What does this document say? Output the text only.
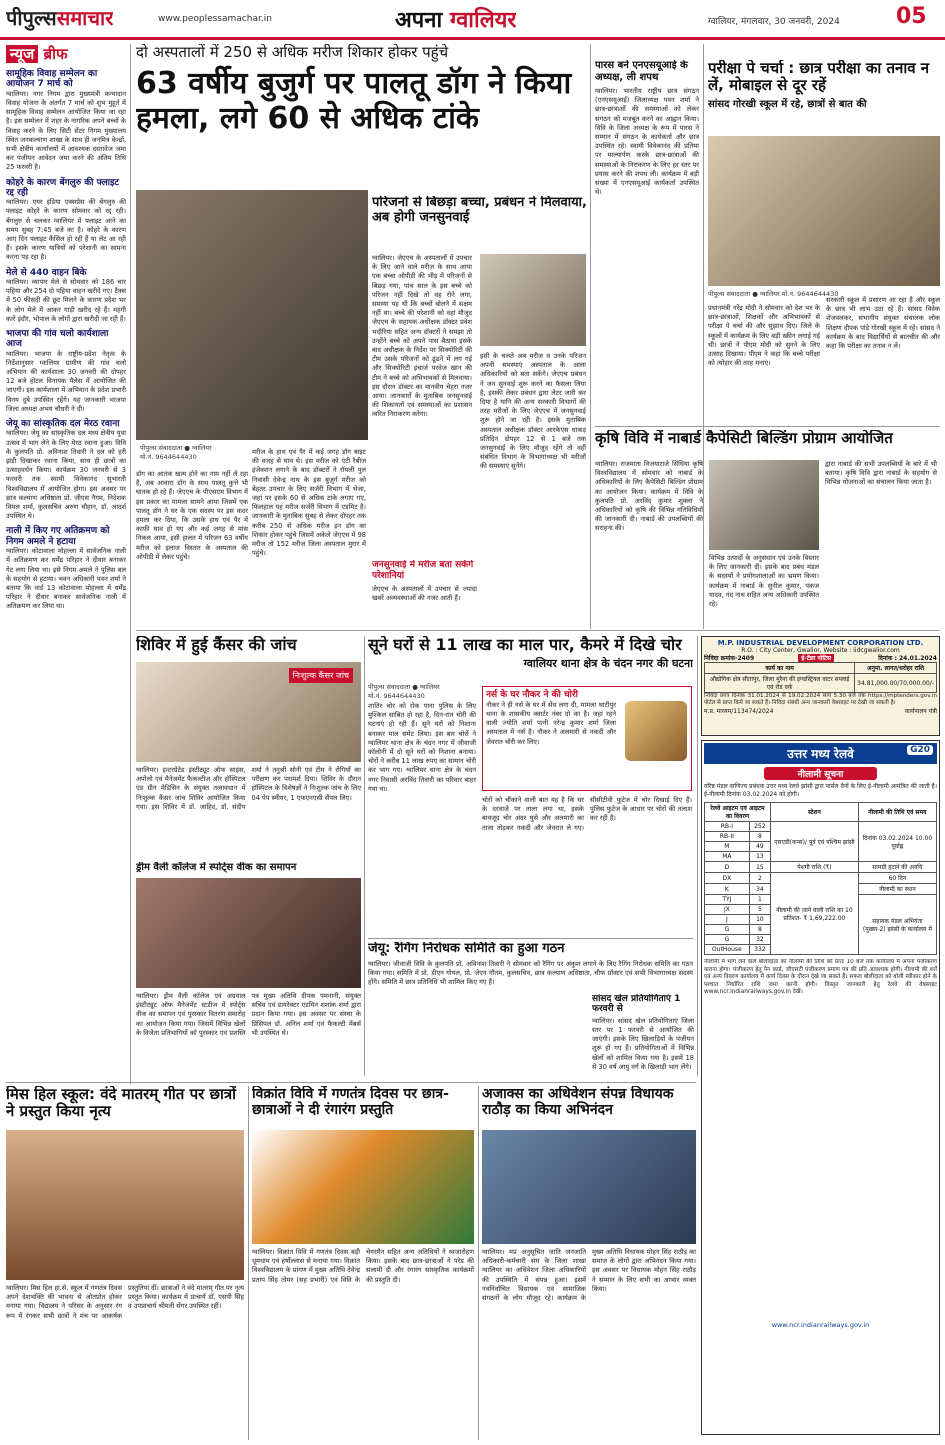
पीपुल्ससमाचार	www.peoplessamachar.in	अपना ग्वालियर	ग्वालियर, मंगलवार, 30 जनवरी, 2024	05
न्यूज ब्रीफ
सामूहिक विवाह सम्मेलन का आयोजन 7 मार्च को
ग्वालियर। नगर निगम द्वारा मुख्यमंत्री कन्यादान विवाह योजना के अंतर्गत 7 मार्च को शुभ मुहूर्त में सामूहिक विवाह सम्मेलन आयोजित किया जा रहा है। इस सम्मेलन में शहर के नागरिक अपने बच्चों के विवाह करने के लिए सिटी सेंटर निगम मुख्यालय स्थित जनकल्याण शाखा के साथ ही जनमित्र केन्द्रों, सभी क्षेत्रीय कार्यालयों में आवश्यक दस्तावेज जमा कर पंजीयन आवेदन जमा करने की अंतिम तिथि 25 फरवरी है।
कोहरे के कारण बेंगलुरु की फ्लाइट रद्द रही
ग्वालियर। एयर इंडिया एक्सप्रेस की बेंगलुरु की फ्लाइट कोहरे के कारण सोमवार को रद्द रही। बेंगलुरु से चलकर ग्वालियर में फ्लाइट आने का समय सुबह 7:45 बजे का है। कोहरे के कारण आए दिन फ्लाइट कैंसिल हो रही हैं या लेट आ रही हैं। इसके कारण यात्रियों को परेशानी का सामना करना पड़ रहा है।
मेले से 440 वाहन बिके
ग्वालियर। व्यापार मेले से सोमवार को 186 चार पहिया और 254 दो पहिया वाहन खरीदे गए। टैक्स में 50 फीसदी की छूट मिलने के कारण प्रदेश भर के लोग मेले में आकर गाड़ी खरीद रहे हैं। महंगी कारें इंदौर, भोपाल के लोगों द्वारा खरीदी जा रही हैं।
भाजपा की गांव चलो कार्यशाला आज
ग्वालियर। भाजपा के राष्ट्रीय-प्रदेश नेतृत्व के निर्देशानुसार ग्वालियर ग्रामीण की गांव चलो अभियान की कार्यशाला 30 जनवरी की दोपहर 12 बजे होटल विनायक पैलेस में आयोजित की जाएगी। इस कार्यशाला में अभियान के प्रदेश प्रभारी विनय दुबे उपस्थित रहेंगे। यह जानकारी भाजपा जिला अध्यक्ष अभय चौधरी ने दी।
जेयू का सांस्कृतिक दल मेरठ रवाना
ग्वालियर। जेयू का सांस्कृतिक दल मध्य क्षेत्रीय युवा उत्सव में भाग लेने के लिए मेरठ रवाना हुआ। विवि के कुलपति प्रो. अविनाश तिवारी ने दल को हरी झंडी दिखाकर रवाना किया, साथ ही छात्रों का उत्साहवर्धन किया। कार्यक्रम 30 जनवरी से 3 फरवरी तक स्वामी विवेकानंद सुभारती विश्वविद्यालय में आयोजित होगा। इस अवसर पर छात्र कल्याण अधिष्ठाता प्रो. जीएस नैगम, निदेशक विमल शर्मा, कुलसचिव अरुण चौहान, डॉ. आदर्श उपस्थित थे।
नाली में किए गए अतिक्रमण को निगम अमले ने हटाया
ग्वालियर। कोटावाला मोहल्ला में सार्वजनिक नाली में अतिक्रमण कर धर्मेंद्र परिहार ने दीवार बनाकर गेट लगा लिया था। इसे निगम अमले ने पुलिस बल के सहयोग से हटाया। भवन अधिकारी पवन शर्मा ने बताया कि वार्ड 13 कोटावाला मोहल्ला में धर्मेंद्र परिहार ने दीवार बनाकर सार्वजनिक नाली में अतिक्रमण कर लिया था।
दो अस्पतालों में 250 से अधिक मरीज शिकार होकर पहुंचे
63 वर्षीय बुजुर्ग पर पालतू डॉग ने किया हमला, लगे 60 से अधिक टांके
पीपुल्स संवाददाता ● ग्वालियर
मो.नं. 9644644430
डॉग का आतंक खत्म होने का नाम नहीं ले रहा है, अब आवारा डॉग के साथ पालतू कुत्ते भी घातक हो रहे हैं। जेएएच के पीएसएम विभाग में इस प्रकार का मामला सामने आया जिसमें एक पालतू डॉग ने घर के एक सदस्य पर इस कदर हमला कर दिया, कि उसके हाथ एवं पैर में काफी घाव हो गए और कई जगह से मांस निकल आया, इसी हालत में परिजन 63 वर्षीय मरीज को इलाज विस्तार के अस्पताल की ओपीडी में लेकर पहुंचे।
मरीज के हाथ एवं पैर में कई जगह डॉग बाइट की वजह से घाव थे। इस मरीज को एंटी रैबीज इंजेक्शन लगाने के बाद डॉक्टरों ने रॉयली पुल निवासी देवेन्द्र नाथ के इस बुज़ुर्ग मरीज को बेहतर उपचार के लिए सर्जरी विभाग में भेजा, जहां पर इसके 60 से अधिक टांके लगाए गए, फिलहाल यह मरीज सर्जरी विभाग में एडमिट है। जानकारी के मुताबिक सुबह से लेकर दोपहर तक करीब 250 से अधिक मरीज इन डॉग का शिकार होकर पहुंचे जिसमें अकेले जेएएच में 98 मरीज तो 152 मरीज जिला अस्पताल मुरार में पहुंचे।
परिजनों से बिछड़ा बच्चा, प्रबंधन ने मिलवाया, अब होगी जनसुनवाई
ग्वालियर। जेएएच के अस्पतालों में उपचार के लिए आने वाले मरीज के साथ आया एक बच्चा ओपीडी की भीड़ में परिजनों से बिछड़ गया, पांच साल के इस बच्चे को परिजन नहीं दिखे तो वह रोने लगा, समस्या यह थी कि बच्चों बोलने में सक्षम नहीं था। बच्चे की परेशानी को वहां मौजूद जेएएच के सहायक अधीक्षक डॉक्टर प्रवेश भदौरिया सहित अन्य डॉक्टरों ने समझा तो उन्होंने बच्चे को अपने पास बैठाया इसके बाद अधीक्षक के निर्देश पर सिक्योरिटी की टीम उसके परिजनों को ढूंढने में लग गई और सिक्योरिटी इंचार्ज परवेज खान की टीम ने बच्चे को अभिभावकों से मिलवाया। इस दौरान डॉक्टर का मानवीय चेहरा नजर आया। जानकारों के मुताबिक जनसुनवाई की शिकायतों एवं समस्याओं का प्रशासन त्वरित निराकरण करेगा।
इसी के चलते अब मरीज व उनके परिजन अपनी समस्याएं अस्पताल के आला अधिकारियों को बता सकेंगे। जेएएच प्रबंधन ने जन सुनवाई शुरू करने का फैसला लिया है, इसकी लेकर प्रबंधन द्वारा लेटर जारी कर दिया है यानि की अन्य सरकारी विभागों की तरह मरीजों के लिए जेएएच में जनसुनवाई शुरू होने जा रही है। इसके मुताबिक अस्पताल अधीक्षक डॉक्टर आरकेएस धाकड़ प्रतिदिन दोपहर 12 से 1 बजे तक जनसुनवाई के लिए मौजूद रहेंगे तो वहीं संबंधित विभाग के विभागाध्यक्ष भी मरीजों की समस्याएं सुनेंगे।
जनसुनवाई में मरीज बता सकेंगे परेशानियां
जेएएच के अस्पतालों में उपचार से ज्यादा खबरें अव्यवस्थाओं की नजर आती हैं।
पारस बने एनएसयूआई के अध्यक्ष, ली शपथ
ग्वालियर। भारतीय राष्ट्रीय छात्र संगठन (एनएसयूआई) जिलाध्यक्ष पवन शर्मा ने छात्र-छात्राओं की समस्याओं को लेकर संगठन को मजबूत करने का आह्वान किया। विवि के जिला अध्यक्ष के रूप में पारस ने सम्मान में संगठन के कार्यकर्ता और छात्र उपस्थित रहे। स्वामी विवेकानंद की प्रतिमा पर माल्यार्पण करके छात्र-छात्राओं की समस्याओं के निराकरण के लिए हर स्तर पर प्रयास करने की शपथ ली। कार्यक्रम में बड़ी संख्या में एनएसयूआई कार्यकर्ता उपस्थित थे।
परीक्षा पे चर्चा : छात्र परीक्षा का तनाव न लें, मोबाइल से दूर रहें
सांसद गोरखी स्कूल में रहे, छात्रों से बात की
पीपुल्स संवाददाता ● ग्वालियर मो.नं. 9644644430
प्रधानमंत्री नरेंद्र मोदी ने सोमवार को देश भर के छात्र-छात्राओं, शिक्षकों और अभिभावकों से परीक्षा पे चर्चा की और सुझाव दिए। जिले के स्कूलों में कार्यक्रम के लिए बड़ी स्क्रीन लगाई गई थी। छात्रों ने पीएम मोदी को सुनने के लिए उत्साह दिखाया। पीएम ने कहा कि बच्चे परीक्षा को त्योहार की तरह मनाएं।
सरकारी स्कूल में प्रसारण आ रहा है और स्कूल के छात्र भी लाभ उठा रहे हैं। सांसद विवेक शेजवलकर, संभागीय संयुक्त संचालक लोक शिक्षण दीपक पांडे गोरखी स्कूल में रहे। सांसद ने कार्यक्रम के बाद विद्यार्थियों से बातचीत की और कहा कि परीक्षा का तनाव न लें।
कृषि विवि में नाबार्ड कैपेसिटी बिल्डिंग प्रोग्राम आयोजित
ग्वालियर। राजमाता विजयाराजे सिंधिया कृषि विश्वविद्यालय में सोमवार को नाबार्ड के अधिकारियों के लिए कैपेसिटी बिल्डिंग प्रोग्राम का आयोजन किया। कार्यक्रम में विवि के कुलपति प्रो. अरविंद कुमार शुक्ला ने अधिकारियों को कृषि की विभिन्न गतिविधियों की जानकारी दी। नाबार्ड की उपलब्धियों की सराहना की।
विभिन्न उत्पादों के अनुसंधान एवं उनके विस्तार के लिए जानकारी दी। इसके बाद प्रबंध मंडल के सदस्यों ने प्रयोगशालाओं का भ्रमण किया। कार्यक्रम में नाबार्ड के सुनील कुमार, पंकज यादव, नंद नाथ सहित अन्य अधिकारी उपस्थित रहे।
द्वारा नाबार्ड की सभी उपलब्धियों के बारे में भी बताया। कृषि विवि द्वारा नाबार्ड के सहयोग से विभिन्न योजनाओं का संचालन किया जाता है।
शिविर में हुई कैंसर की जांच
निःशुल्क कैंसर जांच
ग्वालियर। इन्टरग्रेटेड इंस्टीट्यूट ऑफ साइंस, अपोलो एवं मैनेजमेंट फैकल्टीज और हॉस्पिटल एंड ग्रीन मेडिसिन के संयुक्त तत्वावधान में निःशुल्क कैंसर जांच शिविर आयोजित किया गया। इस शिविर में डॉ. जाहिद, डॉ. संदीप शर्मा ने तनुश्री सोनी एवं टीम ने रोगियों का परीक्षण कर परामर्श दिया। शिविर के दौरान हॉस्पिटल के विशेषज्ञों ने निःशुल्क जांच के लिए 04 पेप स्मीयर, 1 एफएनएसी सैंपल लिए।
ड्रीम वैली कॉलेज में स्पोर्ट्स वीक का समापन
ग्वालियर। ड्रीम वैली कॉलेज एवं अग्रवाल इंस्टीट्यूट ऑफ मैनेजमेंट स्टडीज में स्पोर्ट्स वीक का समापन एवं पुरस्कार वितरण समारोह का आयोजन किया गया। जिसमें विभिन्न खेलों के विजेता प्रतिभागियों को पुरस्कार एवं प्रशस्ति पत्र मुख्य अतिथि दीपक पमनानी, संयुक्त सचिव एवं डायरेक्टर एडमिन शशांक शर्मा द्वारा प्रदान किया गया। इस अवसर पर संस्था के प्रिंसिपल डॉ. अनिल शर्मा एवं फैकल्टी मेंबर्स भी उपस्थित थे।
सूने घरों से 11 लाख का माल पार, कैमरे में दिखे चोर
ग्वालियर थाना क्षेत्र के चंदन नगर की घटना
पीपुल्स संवाददाता ● ग्वालियर
मो.नं. 9644644430
शातिर चोर को रोक पाना पुलिस के लिए मुश्किल साबित हो रहा है, दिन-रात चोरी की घटनाएं हो रही हैं। सूने घरों को निशाना बनाकर माल समेट लिया। इस बार चोरों ने ग्वालियर थाना क्षेत्र के चंदन नगर में जीवाजी कॉलोनी में दो सूने घरों को निशाना बनाया। चोरों ने करीब 11 लाख रुपए का सामान चोरी कर भाग गए। ग्वालियर थाना क्षेत्र के चंदन नगर निवासी अरविंद तिवारी का परिवार बाहर गया था।
नर्स के घर नौकर ने की चोरी
नौकर ने ही नर्स के घर में सेंध लगा दी, मामला थाटीपुर थाना के शासकीय क्वार्टर नंबर दो का है। जहां रहने वाली ज्योति शर्मा पत्नी नरेन्द्र कुमार शर्मा जिला अस्पताल में नर्स है। नौकर ने अलमारी से नकदी और जेवरात चोरी कर लिए।
चोरों को चौंकाने वाली बात यह है कि घर के दरवाजे पर ताला लगा था, इसके बावजूद चोर अंदर घुसे और अलमारी का ताला तोड़कर नकदी और जेवरात ले गए। सीसीटीवी फुटेज में चोर दिखाई दिए हैं। पुलिस फुटेज के आधार पर चोरों की तलाश कर रही है।
जेयू: रैगिंग निरोधक समिति का हुआ गठन
ग्वालियर। जीवाजी विवि के कुलपति प्रो. अविनाश तिवारी ने सोमवार को रैगिंग पर अंकुश लगाने के लिए रैगिंग निरोधक समिति का गठन किया गया। समिति में प्रो. डीएन गोयल, प्रो. जेएन गौतम, कुलसचिव, छात्र कल्याण अधिष्ठाता, चीफ प्रॉक्टर एवं सभी विभागाध्यक्ष सदस्य होंगे। समिति में छात्र प्रतिनिधि भी शामिल किए गए हैं।
सांसद खेल प्रतियोगिताएं 1 फरवरी से
ग्वालियर। सांसद खेल प्रतियोगिताएं जिला स्तर पर 1 फरवरी से आयोजित की जाएंगी। इसके लिए खिलाड़ियों के पंजीयन शुरू हो गए हैं। प्रतियोगिताओं में विभिन्न खेलों को शामिल किया गया है। इसमें 18 से 30 वर्ष आयु वर्ग के खिलाड़ी भाग लेंगे।
M.P. INDUSTRIAL DEVELOPMENT CORPORATION LTD.
R.O. : City Center, Gwalior, Website : iidcgwalior.com
निविदा क्रमांक-2409	ई-टेंडर नोटिस	दिनांक : 24.01.2024
कार्य का नाम	अनुमा. लागत/धरोहर राशि
औद्योगिक क्षेत्र सीतापुर, जिला मुरैना की इण्डस्ट्रियल वाटर सप्लाई एवं रोड वर्क	34,81,000.00/70,000.00/-
निविदा प्रपत्र दिनांक 31.01.2024 से 19.02.2024 सायं 5.30 बजे तक https://mptenders.gov.in पोर्टल से प्राप्त किये जा सकते हैं। निविदा संबंधी अन्य जानकारी वेबसाइट पर देखी जा सकती है।
म.प्र. माध्यम/113474/2024	कार्यपालन यंत्री
उत्तर मध्य रेलवे	G20
नीलामी सूचना
वरिष्ठ मंडल वाणिज्य प्रबंधक उत्तर मध्य रेलवे झांसी द्वारा पार्सल वैनों के लिए ई-नीलामी आमंत्रित की जाती है। ई-नीलामी दिनांक 03.02.2024 को होगी।
रेलवे आइटम एवं आइटम का विवरण		स्टेशन	नीलामी की तिथि एवं समय
RB-I	252	एसएडी(कन्स)/ पूर्व एवं पश्चिम झांसी	दिनांक 03.02.2024 10.00 पूर्वाह्न
RB-II	8		
M	49		
MA	13		
D	15	पेशगी राशि (₹)	सामग्री हटाने की अवधि
DX	2	नीलामी की जाने वाली राशि का 10 प्रतिशत- ₹ 1,69,222.00	60 दिन
K	34		नीलामी का स्थान
TYJ	1		सहायक मंडल अभियंता (मुख्या-2) झांसी के कार्यालय में
JX	5		
J	10		
G	8		
G	32		
OutHouse	332		
नीलामी में भाग लेने वाले बोलीदाता को नीलामी की तिथि को प्रातः 10 बजे तक कार्यालय में अपना पंजीकरण कराना होगा। पंजीकरण हेतु पैन कार्ड, जीएसटी पंजीकरण प्रमाण पत्र की प्रति आवश्यक होगी। नीलामी की शर्तें एवं अन्य विवरण कार्यालय में कार्य दिवस के दौरान देखे जा सकते हैं। सफल बोलीदाता को बोली स्वीकार होने के पश्चात निर्धारित राशि जमा करनी होगी। विस्तृत जानकारी हेतु रेलवे की वेबसाइट www.ncr.indianrailways.gov.in देखें।
www.ncr.indianrailways.gov.in
मिस हिल स्कूल: वंदे मातरम् गीत पर छात्रों ने प्रस्तुत किया नृत्य
ग्वालियर। मिस हिल हा.से. स्कूल में गणतंत्र दिवस अपने देशभक्ति की भावना से ओतप्रोत होकर मनाया गया। विद्यालय ने परिसर के अनुसार रंग रूप में रंगकर सभी छात्रों ने मंच पर आकर्षक प्रस्तुतियां दीं। छात्राओं ने वंदे मातरम् गीत पर नृत्य प्रस्तुत किया। कार्यक्रम में प्राचार्य डॉ. एसपी सिंह व उपप्राचार्य श्रीमती सेंगर उपस्थित रहीं।
विक्रांत विवि में गणतंत्र दिवस पर छात्र-छात्राओं ने दी रंगारंग प्रस्तुति
ग्वालियर। विक्रांत विवि में गणतंत्र दिवस बड़ी धूमधाम एवं हर्षोल्लास से मनाया गया। विक्रांत विश्वविद्यालय के प्रांगण में मुख्य अतिथि देवेन्द्र प्रताप सिंह तोमर (सह प्रभारी) एवं विवि के चेयरमैन सहित अन्य अतिथियों ने ध्वजारोहण किया। इसके बाद छात्र-छात्राओं ने परेड की सलामी दी और रंगारंग सांस्कृतिक कार्यक्रमों की प्रस्तुति दी।
अजाक्स का अधिवेशन संपन्न विधायक राठौड़ का किया अभिनंदन
ग्वालियर। मप्र अनुसूचित जाति जनजाति अधिकारी-कर्मचारी संघ के जिला शाखा ग्वालियर का अधिवेशन जिला अधिकारियों की उपस्थिति में संपन्न हुआ। इसमें नवनिर्वाचित विधायक एवं सामाजिक संगठनों के लोग मौजूद रहे। कार्यक्रम के मुख्य अतिथि विधायक मोहन सिंह राठौड़ का समाज के लोगों द्वारा अभिनंदन किया गया। इस अवसर पर विधायक मोहन सिंह राठौड़ ने सम्मान के लिए सभी का आभार व्यक्त किया।
